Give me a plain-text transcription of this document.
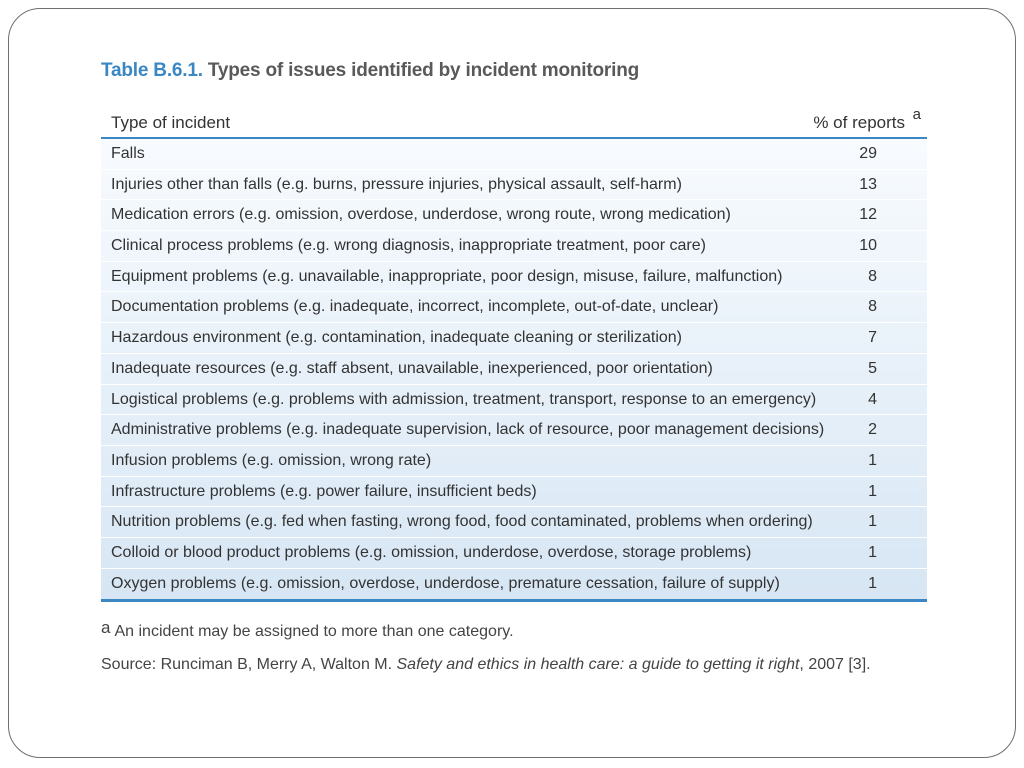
Table B.6.1. Types of issues identified by incident monitoring
Type of incident	% of reports a
Falls	29
Injuries other than falls (e.g. burns, pressure injuries, physical assault, self-harm)	13
Medication errors (e.g. omission, overdose, underdose, wrong route, wrong medication)	12
Clinical process problems (e.g. wrong diagnosis, inappropriate treatment, poor care)	10
Equipment problems (e.g. unavailable, inappropriate, poor design, misuse, failure, malfunction)	8
Documentation problems (e.g. inadequate, incorrect, incomplete, out-of-date, unclear)	8
Hazardous environment (e.g. contamination, inadequate cleaning or sterilization)	7
Inadequate resources (e.g. staff absent, unavailable, inexperienced, poor orientation)	5
Logistical problems (e.g. problems with admission, treatment, transport, response to an emergency)	4
Administrative problems (e.g. inadequate supervision, lack of resource, poor management decisions)	2
Infusion problems (e.g. omission, wrong rate)	1
Infrastructure problems (e.g. power failure, insufficient beds)	1
Nutrition problems (e.g. fed when fasting, wrong food, food contaminated, problems when ordering)	1
Colloid or blood product problems (e.g. omission, underdose, overdose, storage problems)	1
Oxygen problems (e.g. omission, overdose, underdose, premature cessation, failure of supply)	1
a An incident may be assigned to more than one category.
Source: Runciman B, Merry A, Walton M. Safety and ethics in health care: a guide to getting it right, 2007 [3].
